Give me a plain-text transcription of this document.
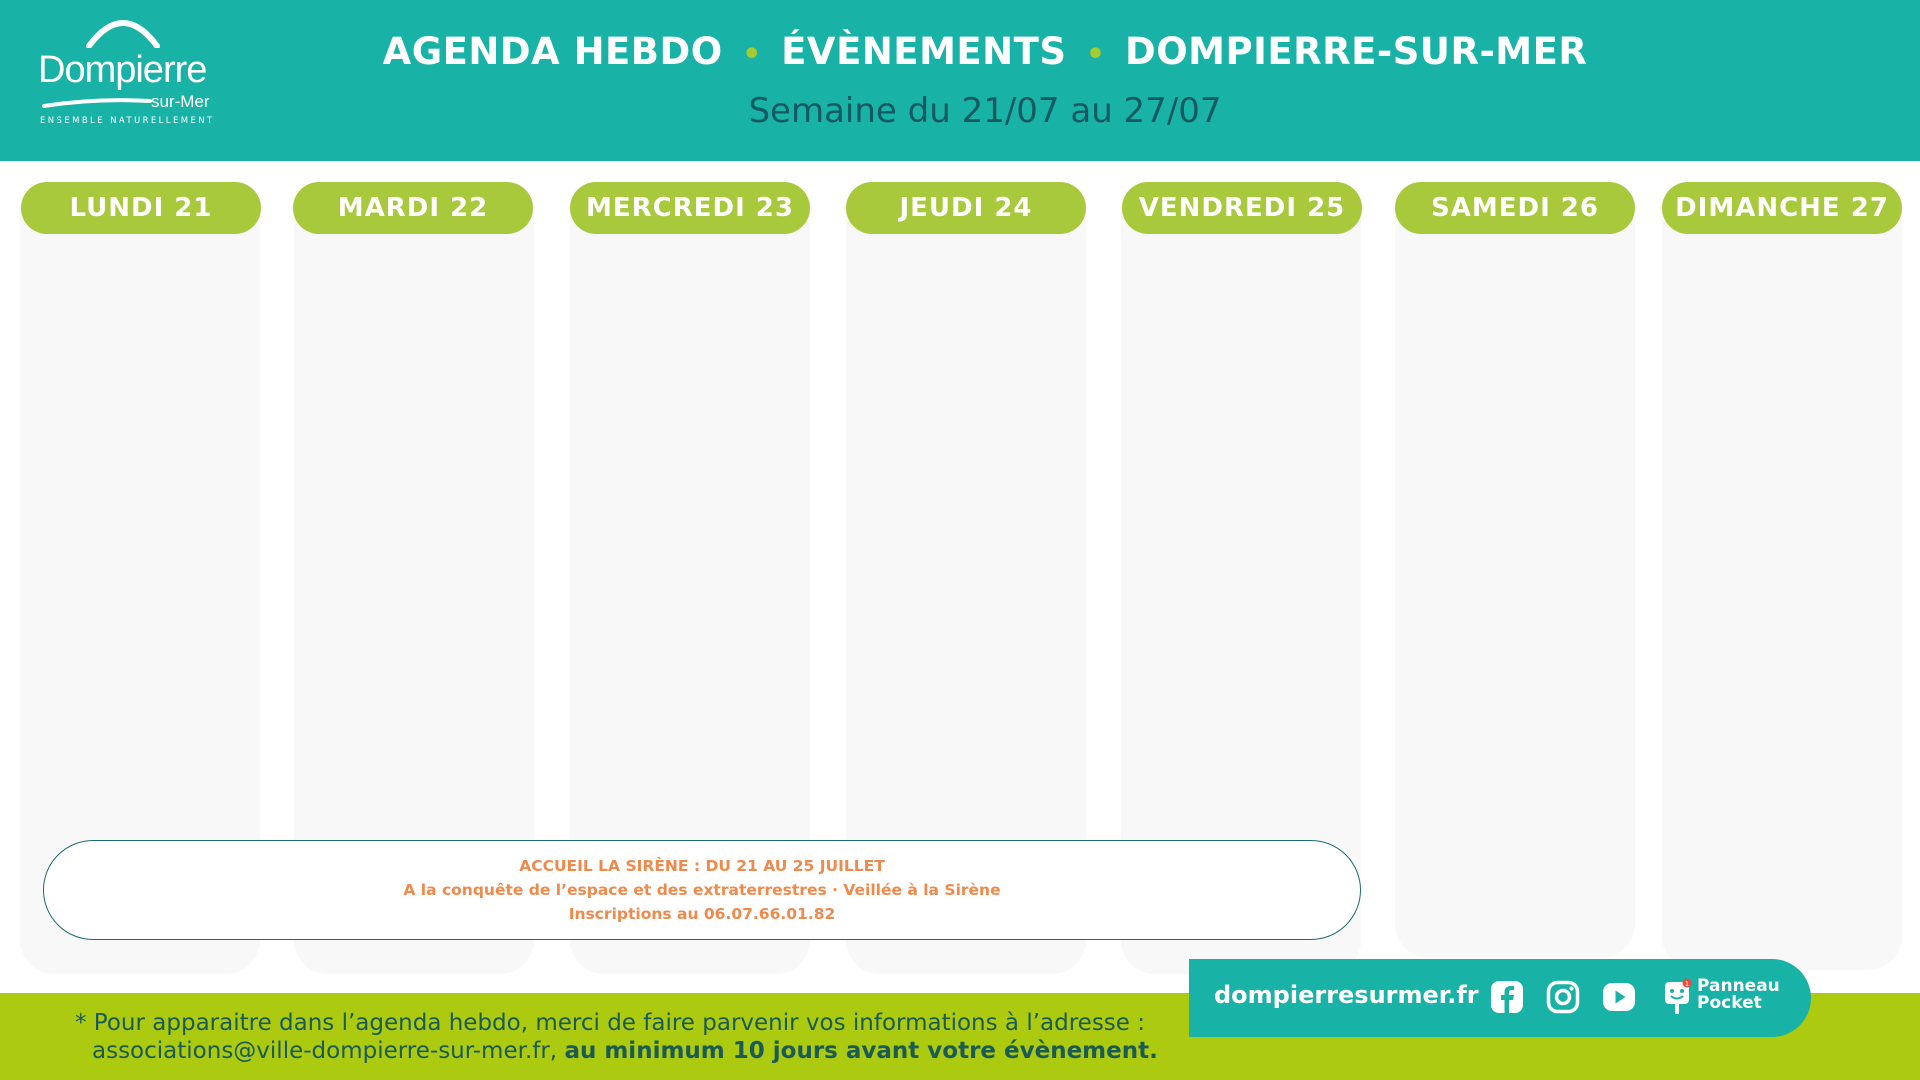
Dompierre
sur-Mer
ENSEMBLE NATURELLEMENT
AGENDA HEBDO • ÉVÈNEMENTS • DOMPIERRE-SUR-MER
Semaine du 21/07 au 27/07
LUNDI 21	MARDI 22	MERCREDI 23	JEUDI 24	VENDREDI 25	SAMEDI 26	DIMANCHE 27
ACCUEIL LA SIRÈNE : DU 21 AU 25 JUILLET
A la conquête de l’espace et des extraterrestres · Veillée à la Sirène
Inscriptions au 06.07.66.01.82
* Pour apparaitre dans l’agenda hebdo, merci de faire parvenir vos informations à l’adresse :
associations@ville-dompierre-sur-mer.fr, au minimum 10 jours avant votre évènement.
dompierresurmer.fr	1 Panneau
Pocket
